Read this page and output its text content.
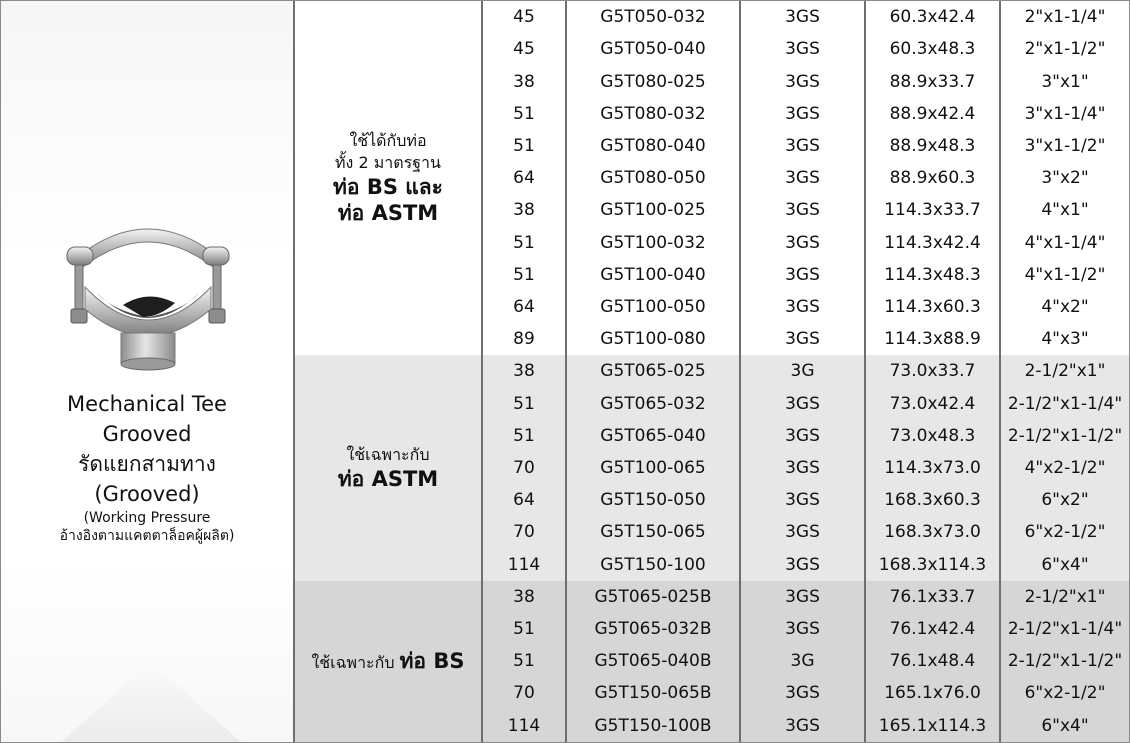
Mechanical Tee
Grooved
รัดแยกสามทาง
(Grooved)
(Working Pressure
อ้างอิงตามแคตตาล็อคผู้ผลิต)
ใช้ได้กับท่อ
ทั้ง 2 มาตรฐาน
ท่อ BS และ
ท่อ ASTM	45	G5T050-032	3GS	60.3x42.4	2"x1-1/4"
	45	G5T050-040	3GS	60.3x48.3	2"x1-1/2"
	38	G5T080-025	3GS	88.9x33.7	3"x1"
	51	G5T080-032	3GS	88.9x42.4	3"x1-1/4"
	51	G5T080-040	3GS	88.9x48.3	3"x1-1/2"
	64	G5T080-050	3GS	88.9x60.3	3"x2"
	38	G5T100-025	3GS	114.3x33.7	4"x1"
	51	G5T100-032	3GS	114.3x42.4	4"x1-1/4"
	51	G5T100-040	3GS	114.3x48.3	4"x1-1/2"
	64	G5T100-050	3GS	114.3x60.3	4"x2"
	89	G5T100-080	3GS	114.3x88.9	4"x3"

ใช้เฉพาะกับ
ท่อ ASTM	38	G5T065-025	3G	73.0x33.7	2-1/2"x1"
	51	G5T065-032	3GS	73.0x42.4	2-1/2"x1-1/4"
	51	G5T065-040	3GS	73.0x48.3	2-1/2"x1-1/2"
	70	G5T100-065	3GS	114.3x73.0	4"x2-1/2"
	64	G5T150-050	3GS	168.3x60.3	6"x2"
	70	G5T150-065	3GS	168.3x73.0	6"x2-1/2"
	114	G5T150-100	3GS	168.3x114.3	6"x4"
ใช้เฉพาะกับ ท่อ BS	38	G5T065-025B	3GS	76.1x33.7	2-1/2"x1"
	51	G5T065-032B	3GS	76.1x42.4	2-1/2"x1-1/4"
	51	G5T065-040B	3G	76.1x48.4	2-1/2"x1-1/2"
	70	G5T150-065B	3GS	165.1x76.0	6"x2-1/2"
	114	G5T150-100B	3GS	165.1x114.3	6"x4"
